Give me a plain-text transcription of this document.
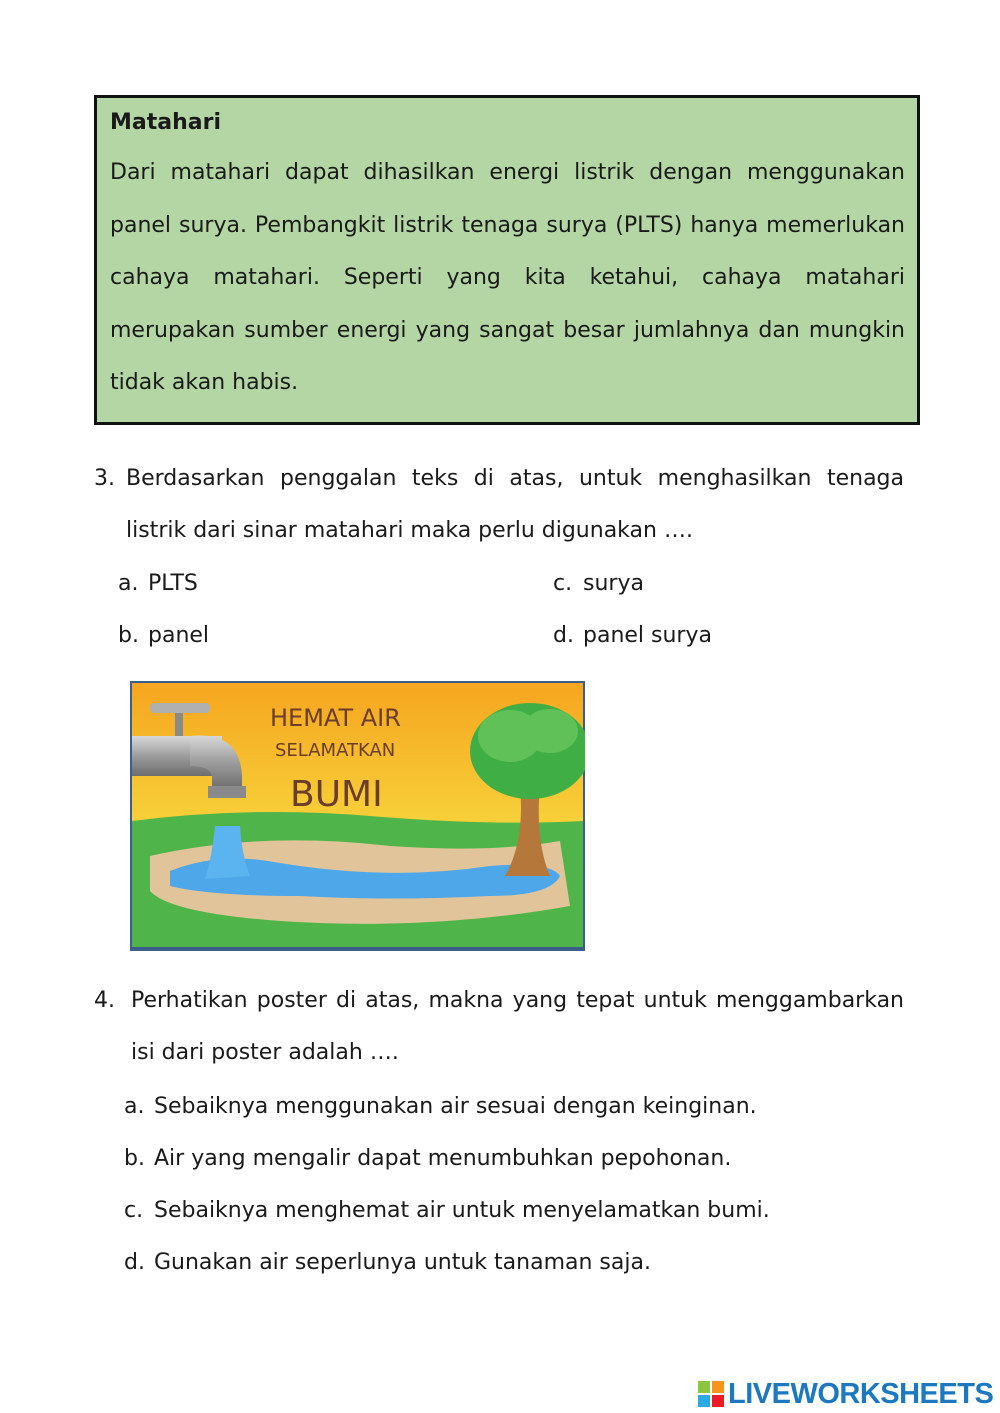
Matahari
Dari matahari dapat dihasilkan energi listrik dengan menggunakan panel surya. Pembangkit listrik tenaga surya (PLTS) hanya memerlukan cahaya matahari. Seperti yang kita ketahui, cahaya matahari merupakan sumber energi yang sangat besar jumlahnya dan mungkin tidak akan habis.
3. Berdasarkan penggalan teks di atas, untuk menghasilkan tenaga listrik dari sinar matahari maka perlu digunakan ….
a. PLTS
b. panel
c. surya
d. panel surya
HEMAT AIR
SELAMATKAN
BUMI
4. Perhatikan poster di atas, makna yang tepat untuk menggambarkan isi dari poster adalah ….
a. Sebaiknya menggunakan air sesuai dengan keinginan.
b. Air yang mengalir dapat menumbuhkan pepohonan.
c. Sebaiknya menghemat air untuk menyelamatkan bumi.
d. Gunakan air seperlunya untuk tanaman saja.
LIVEWORKSHEETS
